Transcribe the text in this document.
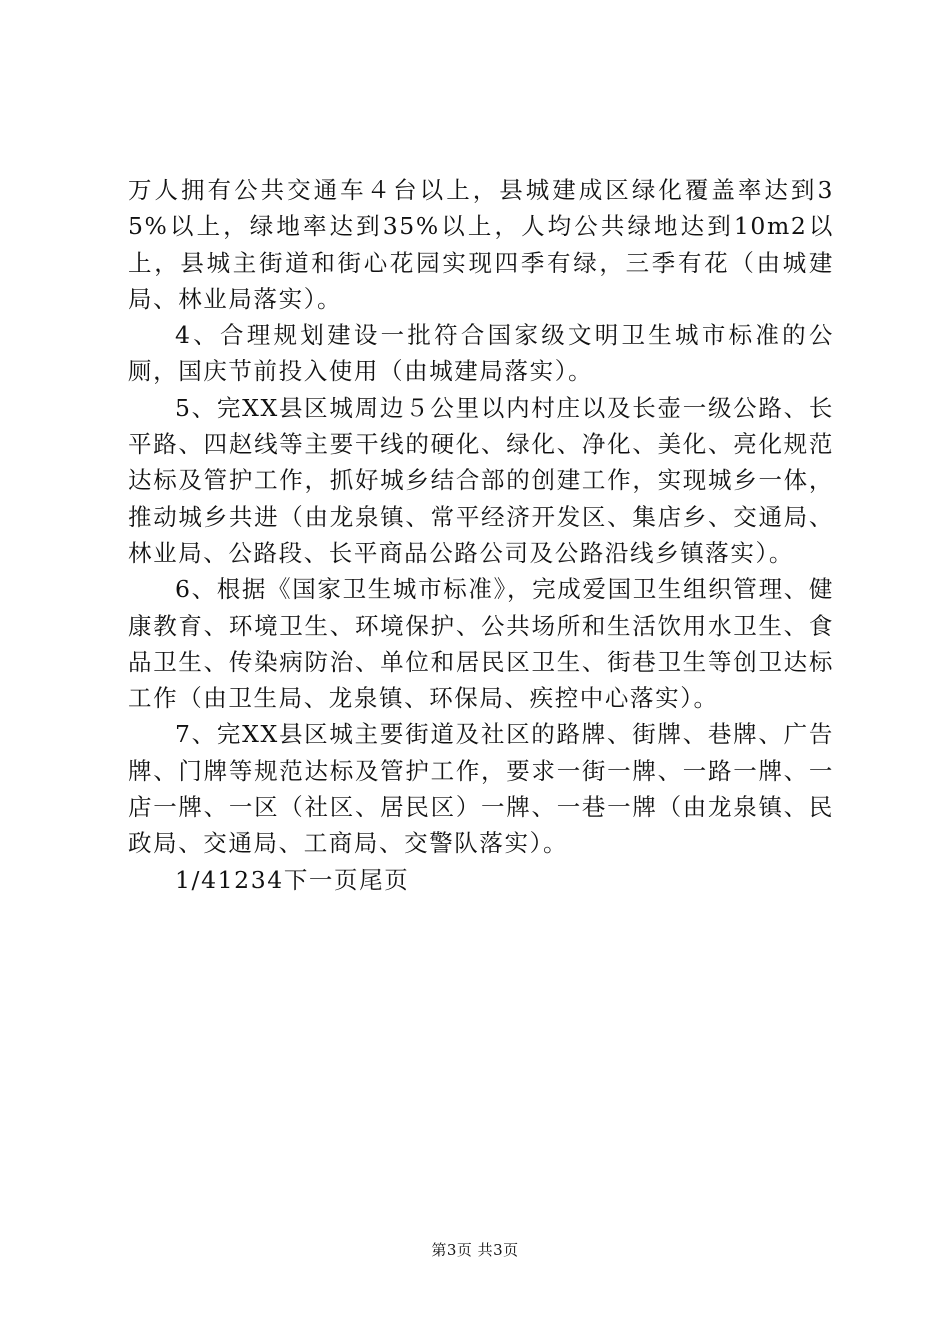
万人拥有公共交通车４台以上，县城建成区绿化覆盖率达到35%以上，绿地率达到35%以上，人均公共绿地达到10m2以上，县城主街道和街心花园实现四季有绿，三季有花（由城建局、林业局落实）。

4、合理规划建设一批符合国家级文明卫生城市标准的公厕，国庆节前投入使用（由城建局落实）。

5、完XX县区城周边５公里以内村庄以及长壶一级公路、长平路、四赵线等主要干线的硬化、绿化、净化、美化、亮化规范达标及管护工作，抓好城乡结合部的创建工作，实现城乡一体，推动城乡共进（由龙泉镇、常平经济开发区、集店乡、交通局、林业局、公路段、长平商品公路公司及公路沿线乡镇落实）。

6、根据《国家卫生城市标准》，完成爱国卫生组织管理、健康教育、环境卫生、环境保护、公共场所和生活饮用水卫生、食品卫生、传染病防治、单位和居民区卫生、街巷卫生等创卫达标工作（由卫生局、龙泉镇、环保局、疾控中心落实）。

7、完XX县区城主要街道及社区的路牌、街牌、巷牌、广告牌、门牌等规范达标及管护工作，要求一街一牌、一路一牌、一店一牌、一区（社区、居民区）一牌、一巷一牌（由龙泉镇、民政局、交通局、工商局、交警队落实）。

1/41234下一页尾页

第3页 共3页
